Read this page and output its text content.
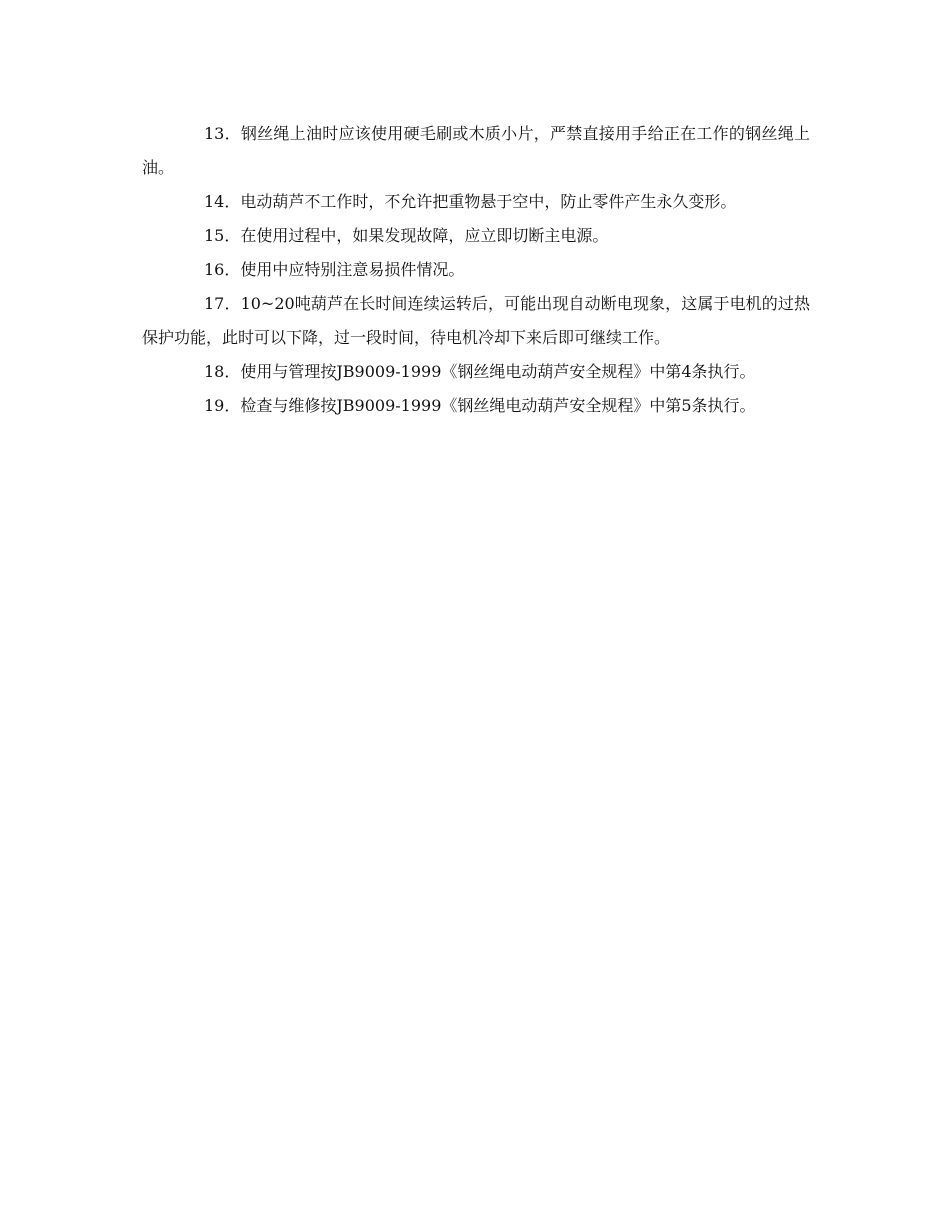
13．钢丝绳上油时应该使用硬毛刷或木质小片，严禁直接用手给正在工作的钢丝绳上油。

14．电动葫芦不工作时，不允许把重物悬于空中，防止零件产生永久变形。

15．在使用过程中，如果发现故障，应立即切断主电源。

16．使用中应特别注意易损件情况。

17．10~20吨葫芦在长时间连续运转后，可能出现自动断电现象，这属于电机的过热保护功能，此时可以下降，过一段时间，待电机冷却下来后即可继续工作。

18．使用与管理按JB9009-1999《钢丝绳电动葫芦安全规程》中第4条执行。

19．检查与维修按JB9009-1999《钢丝绳电动葫芦安全规程》中第5条执行。
